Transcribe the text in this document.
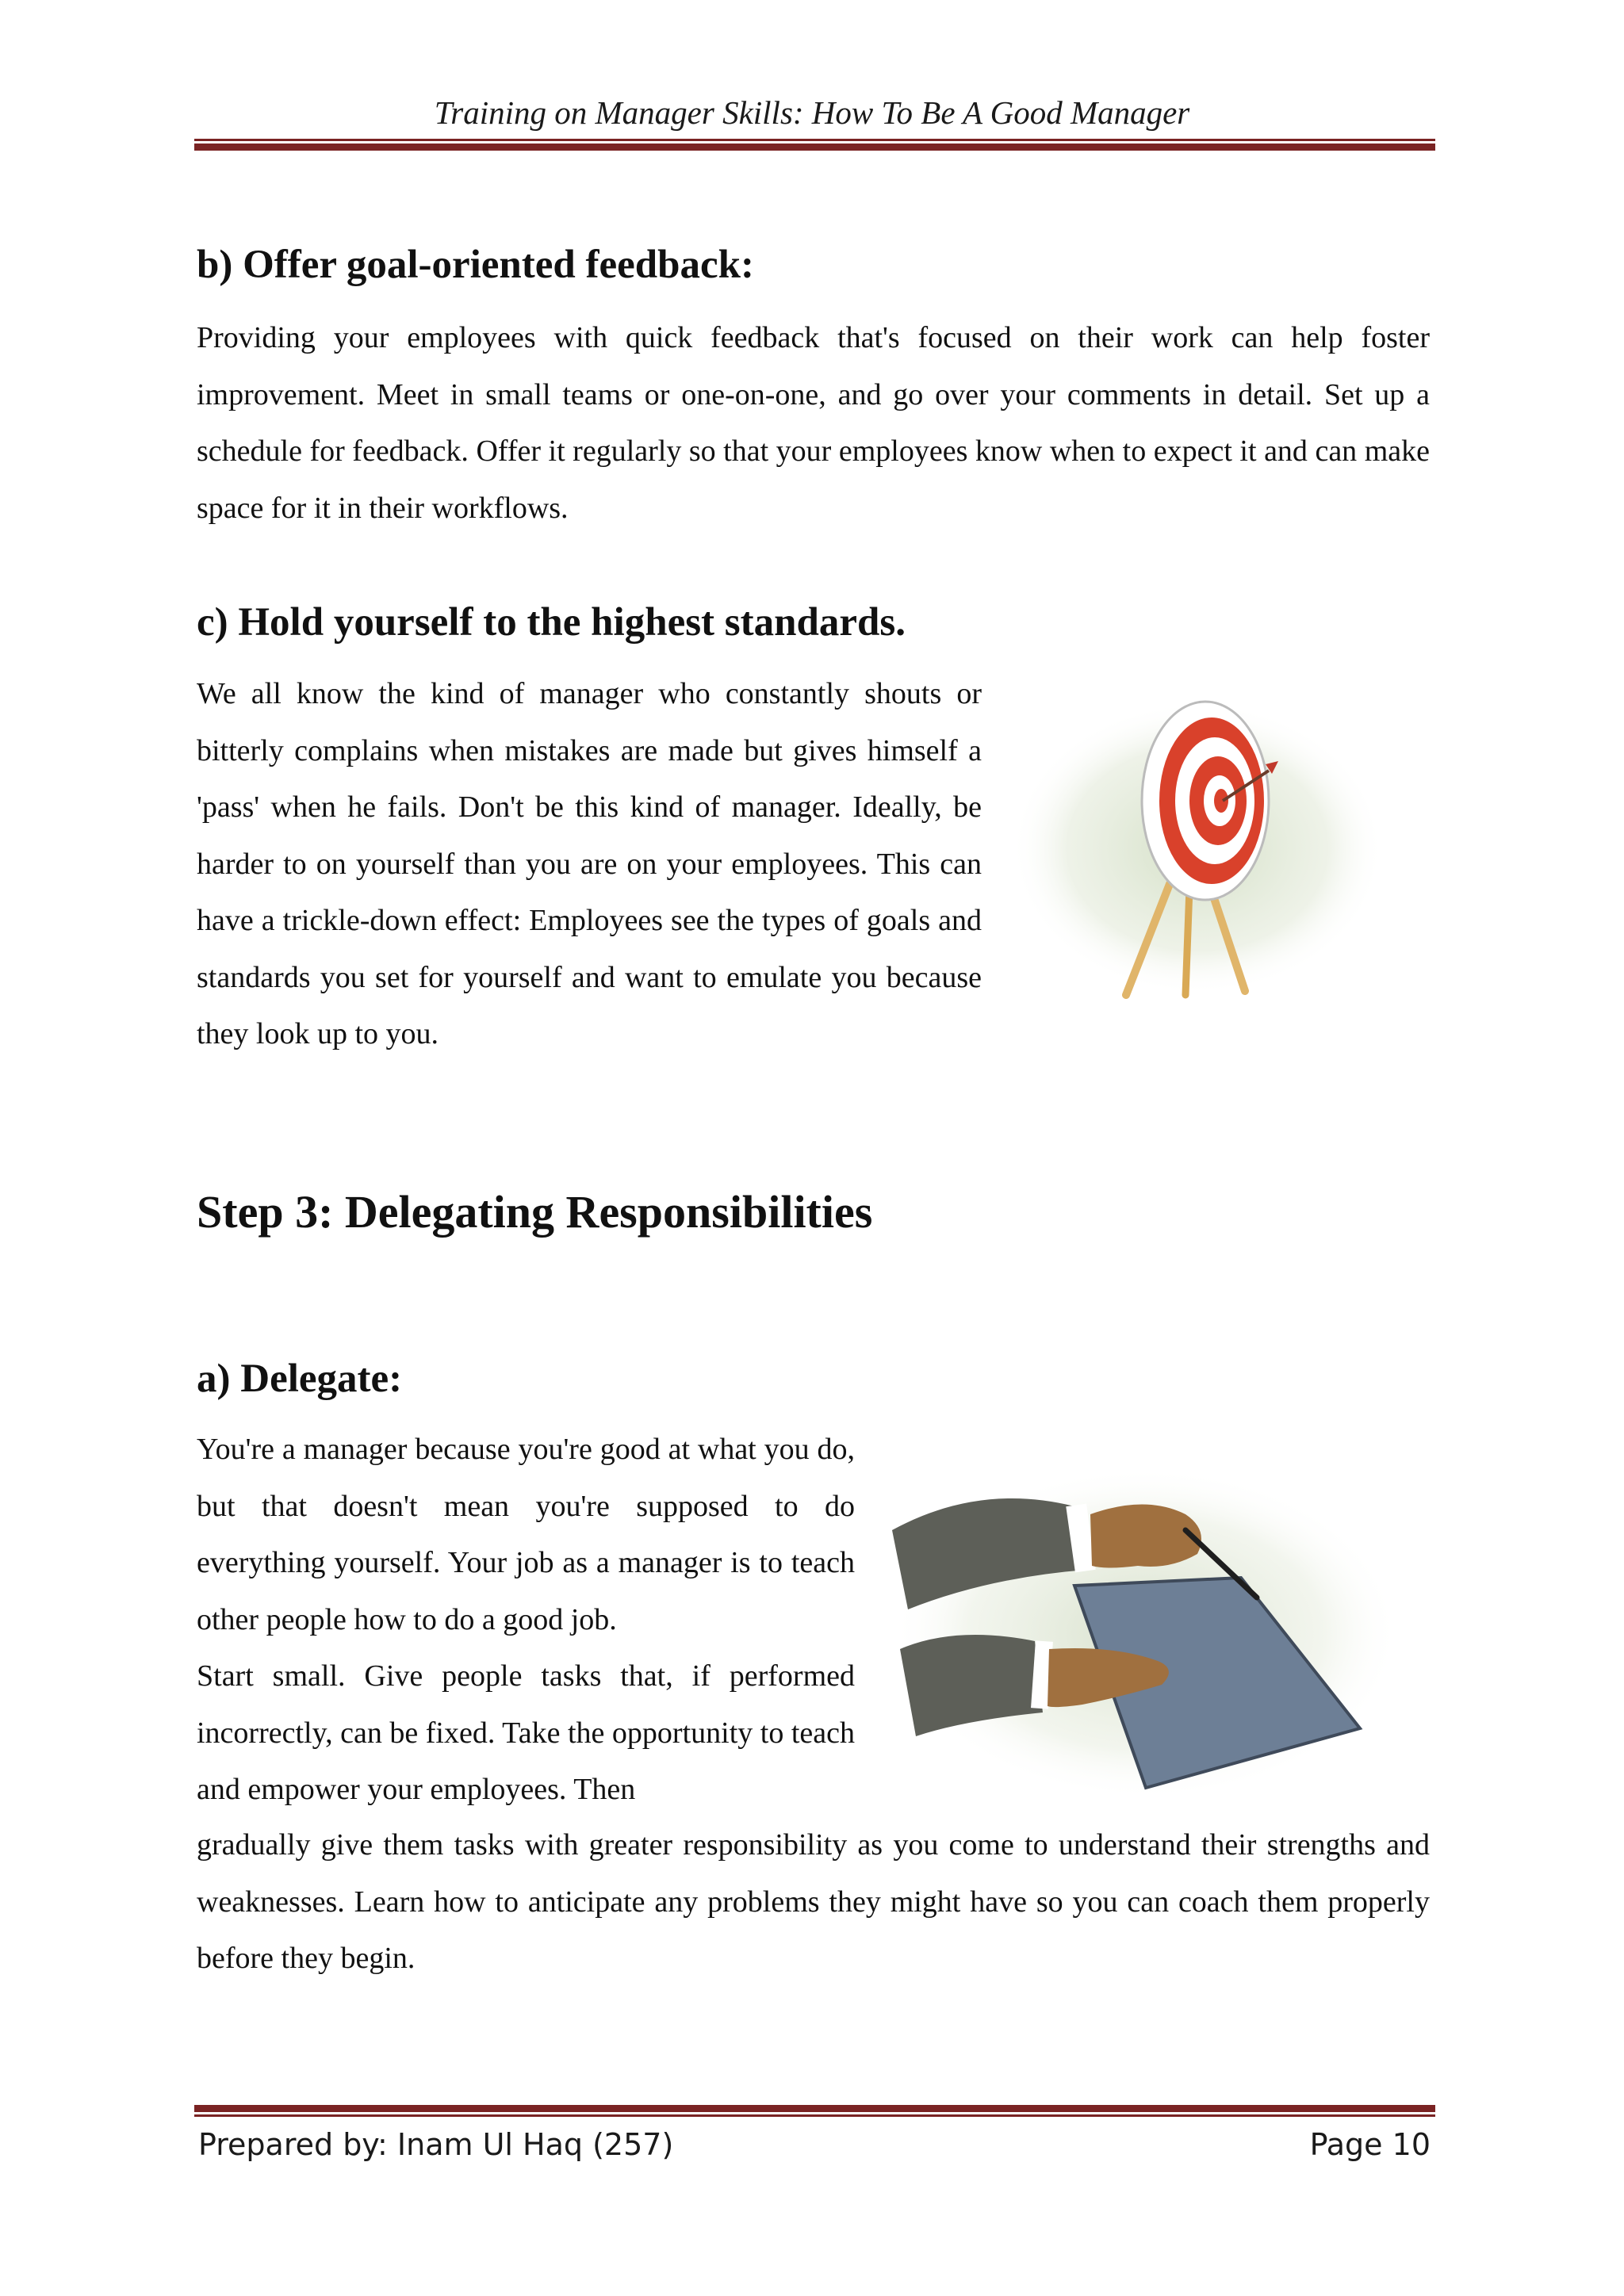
Training on Manager Skills: How To Be A Good Manager
b) Offer goal-oriented feedback:
Providing your employees with quick feedback that's focused on their work can help foster improvement. Meet in small teams or one-on-one, and go over your comments in detail. Set up a schedule for feedback. Offer it regularly so that your employees know when to expect it and can make space for it in their workflows.
c) Hold yourself to the highest standards.
We all know the kind of manager who constantly shouts or bitterly complains when mistakes are made but gives himself a 'pass' when he fails. Don't be this kind of manager. Ideally, be harder to on yourself than you are on your employees. This can have a trickle-down effect: Employees see the types of goals and standards you set for yourself and want to emulate you because they look up to you.
Step 3: Delegating Responsibilities
a) Delegate:
You're a manager because you're good at what you do, but that doesn't mean you're supposed to do everything yourself. Your job as a manager is to teach other people how to do a good job.
Start small. Give people tasks that, if performed incorrectly, can be fixed. Take the opportunity to teach and empower your employees. Then
gradually give them tasks with greater responsibility as you come to understand their strengths and weaknesses. Learn how to anticipate any problems they might have so you can coach them properly before they begin.
Prepared by: Inam Ul Haq (257)	Page 10
